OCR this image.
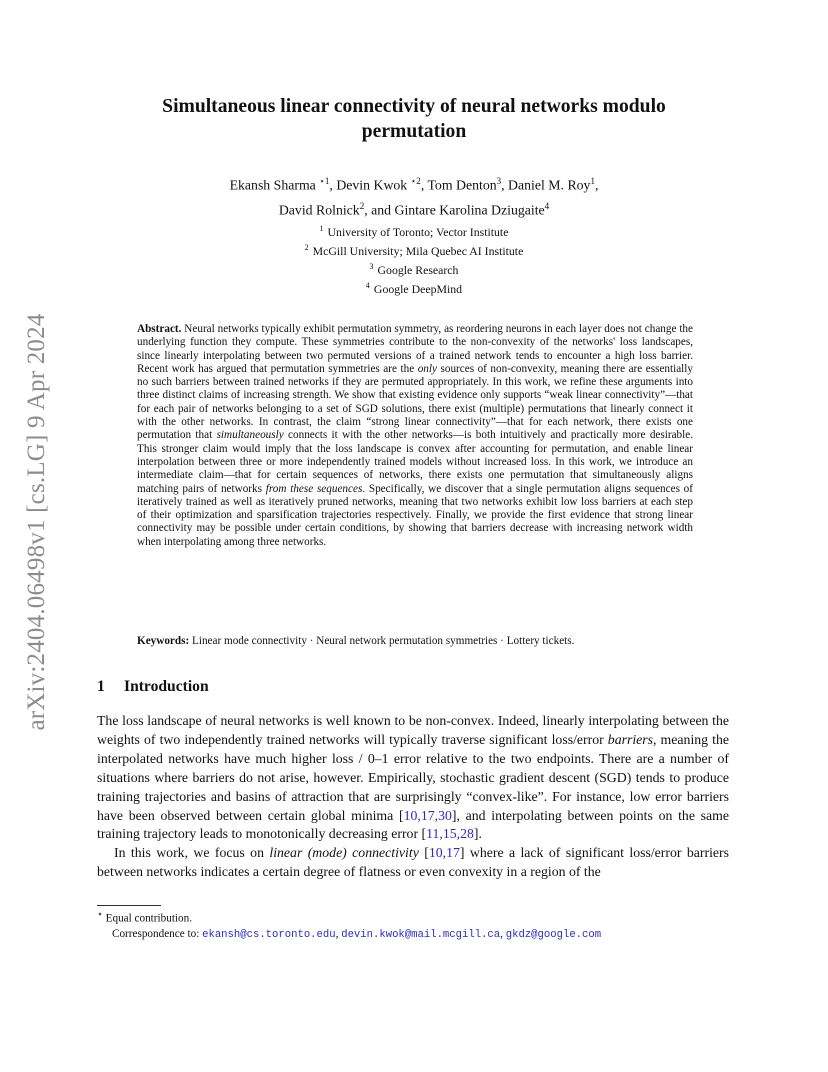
arXiv:2404.06498v1 [cs.LG] 9 Apr 2024
Simultaneous linear connectivity of neural networks modulo
permutation
Ekansh Sharma $^{⋆1}$, Devin Kwok $^{⋆2}$, Tom Denton$^3$, Daniel M. Roy$^1$,
David Rolnick$^2$, and Gintare Karolina Dziugaite$^4$
$^1$ University of Toronto; Vector Institute
$^2$ McGill University; Mila Quebec AI Institute
$^3$ Google Research
$^4$ Google DeepMind
Abstract. Neural networks typically exhibit permutation symmetry, as reordering neurons in each layer does not change the underlying function they compute. These symmetries contribute to the non-convexity of the networks' loss landscapes, since linearly interpolating between two permuted versions of a trained network tends to encounter a high loss barrier. Recent work has argued that permutation symmetries are the only sources of non-convexity, meaning there are essentially no such barriers between trained networks if they are permuted appropriately. In this work, we refine these arguments into three distinct claims of increasing strength. We show that existing evidence only supports “weak linear connectivity”—that for each pair of networks belonging to a set of SGD solutions, there exist (multiple) permutations that linearly connect it with the other networks. In contrast, the claim “strong linear connectivity”—that for each network, there exists one permutation that simultaneously connects it with the other networks—is both intuitively and practically more desirable. This stronger claim would imply that the loss landscape is convex after accounting for permutation, and enable linear interpolation between three or more independently trained models without increased loss. In this work, we introduce an intermediate claim—that for certain sequences of networks, there exists one permutation that simultaneously aligns matching pairs of networks from these sequences. Specifically, we discover that a single permutation aligns sequences of iteratively trained as well as iteratively pruned networks, meaning that two networks exhibit low loss barriers at each step of their optimization and sparsification trajectories respectively. Finally, we provide the first evidence that strong linear connectivity may be possible under certain conditions, by showing that barriers decrease with increasing network width when interpolating among three networks.
Keywords: Linear mode connectivity · Neural network permutation symmetries · Lottery tickets.
1 Introduction

The loss landscape of neural networks is well known to be non-convex. Indeed, linearly interpolating between the weights of two independently trained networks will typically traverse significant loss/error barriers, meaning the interpolated networks have much higher loss / 0–1 error relative to the two endpoints. There are a number of situations where barriers do not arise, however. Empirically, stochastic gradient descent (SGD) tends to produce training trajectories and basins of attraction that are surprisingly “convex-like”. For instance, low error barriers have been observed between certain global minima [10,17,30], and interpolating between points on the same training trajectory leads to monotonically decreasing error [11,15,28].

In this work, we focus on linear (mode) connectivity [10,17] where a lack of significant loss/error barriers between networks indicates a certain degree of flatness or even convexity in a region of the

⋆ Equal contribution.
Correspondence to: ekansh@cs.toronto.edu, devin.kwok@mail.mcgill.ca, gkdz@google.com
